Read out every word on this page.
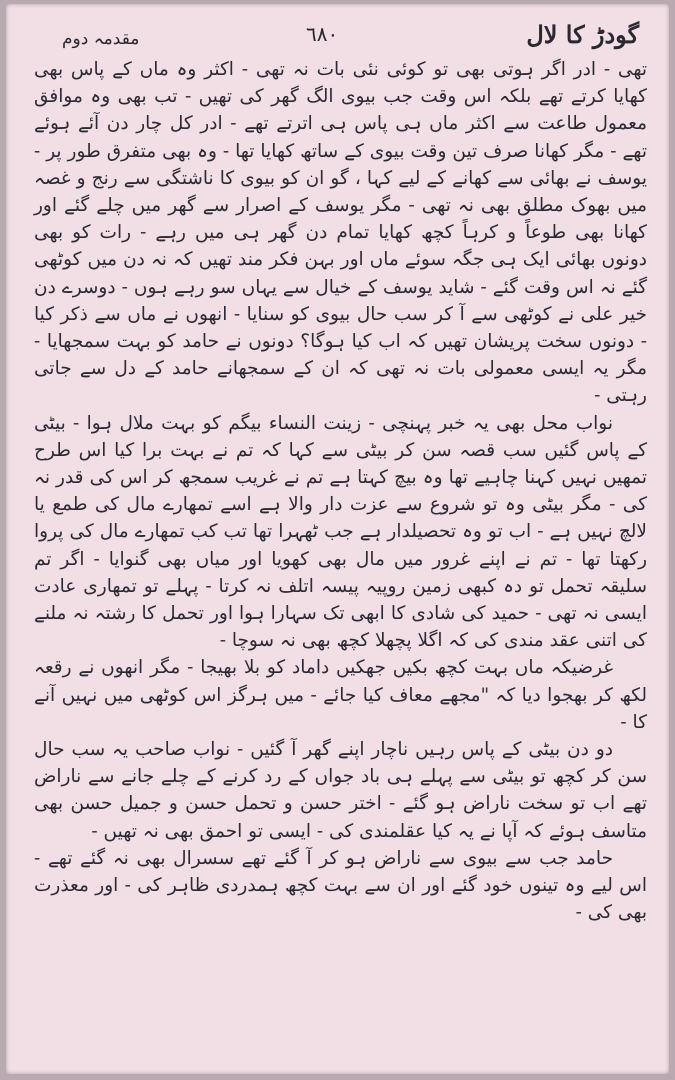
مقدمہ دوم	٦٨٠	گودڑ کا لال

تھی - ادر اگر ہوتی بھی تو کوئی نئی بات نہ تھی - اکثر وہ ماں کے پاس بھی کھایا کرتے تھے بلکہ اس وقت جب بیوی الگ گھر کی تھیں - تب بھی وہ موافق معمول طاعت سے اکثر ماں ہی پاس ہی اترتے تھے - ادر کل چار دن آئے ہوئے تھے - مگر کھانا صرف تین وقت بیوی کے ساتھ کھایا تھا - وہ بھی متفرق طور پر - یوسف نے بھائی سے کھانے کے لیے کہا ، گو ان کو بیوی کا ناشتگی سے رنج و غصہ میں بھوک مطلق بھی نہ تھی - مگر یوسف کے اصرار سے گھر میں چلے گئے اور کھانا بھی طوعاً و کرہاً کچھ کھایا تمام دن گھر ہی میں رہے - رات کو بھی دونوں بھائی ایک ہی جگہ سوئے ماں اور بہن فکر مند تھیں کہ نہ دن میں کوٹھی گئے نہ اس وقت گئے - شاید یوسف کے خیال سے یہاں سو رہے ہوں - دوسرے دن خیر علی نے کوٹھی سے آ کر سب حال بیوی کو سنایا - انھوں نے ماں سے ذکر کیا - دونوں سخت پریشان تھیں کہ اب کیا ہوگا؟ دونوں نے حامد کو بہت سمجھایا - مگر یہ ایسی معمولی بات نہ تھی کہ ان کے سمجھانے حامد کے دل سے جاتی رہتی -

نواب محل بھی یہ خبر پہنچی - زینت النساء بیگم کو بہت ملال ہوا - بیٹی کے پاس گئیں سب قصہ سن کر بیٹی سے کہا کہ تم نے بہت برا کیا اس طرح تمھیں نہیں کہنا چاہیے تھا وہ بیچ کہتا ہے تم نے غریب سمجھ کر اس کی قدر نہ کی - مگر بیٹی وہ تو شروع سے عزت دار والا ہے اسے تمھارے مال کی طمع یا لالچ نہیں ہے - اب تو وہ تحصیلدار ہے جب ٹھہرا تھا تب کب تمھارے مال کی پروا رکھتا تھا - تم نے اپنے غرور میں مال بھی کھویا اور میاں بھی گنوایا - اگر تم سلیقہ تحمل تو دہ کبھی زمین روپیہ پیسہ اتلف نہ کرتا - پہلے تو تمھاری عادت ایسی نہ تھی - حمید کی شادی کا ابھی تک سہارا ہوا اور تحمل کا رشتہ نہ ملنے کی اتنی عقد مندی کی کہ اگلا پچھلا کچھ بھی نہ سوچا -

غرضیکہ ماں بہت کچھ بکیں جھکیں داماد کو بلا بھیجا - مگر انھوں نے رقعہ لکھ کر بھجوا دیا کہ "مجھے معاف کیا جائے - میں ہرگز اس کوٹھی میں نہیں آنے کا -

دو دن بیٹی کے پاس رہیں ناچار اپنے گھر آ گئیں - نواب صاحب یہ سب حال سن کر کچھ تو بیٹی سے پہلے ہی باد جواں کے رد کرنے کے چلے جانے سے ناراض تھے اب تو سخت ناراض ہو گئے - اختر حسن و تحمل حسن و جمیل حسن بھی متاسف ہوئے کہ آپا نے یہ کیا عقلمندی کی - ایسی تو احمق بھی نہ تھیں -

حامد جب سے بیوی سے ناراض ہو کر آ گئے تھے سسرال بھی نہ گئے تھے - اس لیے وہ تینوں خود گئے اور ان سے بہت کچھ ہمدردی ظاہر کی - اور معذرت بھی کی -
